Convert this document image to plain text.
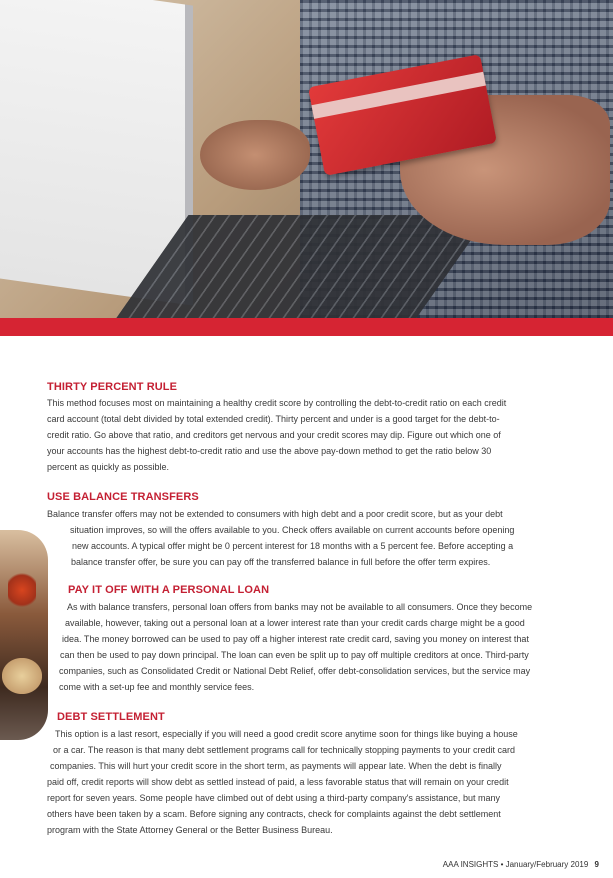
THIRTY PERCENT RULE

This method focuses most on maintaining a healthy credit score by controlling the debt-to-credit ratio on each credit
card account (total debt divided by total extended credit). Thirty percent and under is a good target for the debt-to-
credit ratio. Go above that ratio, and creditors get nervous and your credit scores may dip. Figure out which one of
your accounts has the highest debt-to-credit ratio and use the above pay-down method to get the ratio below 30
percent as quickly as possible.

USE BALANCE TRANSFERS

Balance transfer offers may not be extended to consumers with high debt and a poor credit score, but as your debt
situation improves, so will the offers available to you. Check offers available on current accounts before opening
new accounts. A typical offer might be 0 percent interest for 18 months with a 5 percent fee. Before accepting a
balance transfer offer, be sure you can pay off the transferred balance in full before the offer term expires.

PAY IT OFF WITH A PERSONAL LOAN

As with balance transfers, personal loan offers from banks may not be available to all consumers. Once they become
available, however, taking out a personal loan at a lower interest rate than your credit cards charge might be a good
idea. The money borrowed can be used to pay off a higher interest rate credit card, saving you money on interest that
can then be used to pay down principal. The loan can even be split up to pay off multiple creditors at once. Third-party
companies, such as Consolidated Credit or National Debt Relief, offer debt-consolidation services, but the service may
come with a set-up fee and monthly service fees.

DEBT SETTLEMENT

This option is a last resort, especially if you will need a good credit score anytime soon for things like buying a house
or a car. The reason is that many debt settlement programs call for technically stopping payments to your credit card
companies. This will hurt your credit score in the short term, as payments will appear late. When the debt is finally
paid off, credit reports will show debt as settled instead of paid, a less favorable status that will remain on your credit
report for seven years. Some people have climbed out of debt using a third-party company's assistance, but many
others have been taken by a scam. Before signing any contracts, check for complaints against the debt settlement
program with the State Attorney General or the Better Business Bureau.

AAA INSIGHTS • January/February 2019 9
